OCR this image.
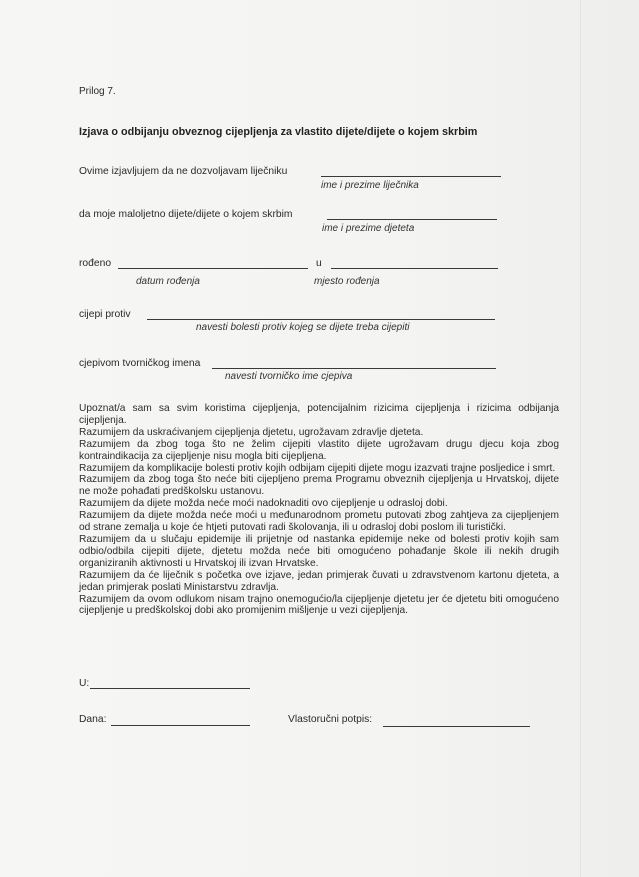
Prilog 7.
Izjava o odbijanju obveznog cijepljenja za vlastito dijete/dijete o kojem skrbim
Ovime izjavljujem da ne dozvoljavam liječniku
ime i prezime liječnika
da moje maloljetno dijete/dijete o kojem skrbim
ime i prezime djeteta
rođeno	u
datum rođenja	mjesto rođenja
cijepi protiv
navesti bolesti protiv kojeg se dijete treba cijepiti
cjepivom tvorničkog imena
navesti tvorničko ime cjepiva

Upoznat/a sam sa svim koristima cijepljenja, potencijalnim rizicima cijepljenja i rizicima odbijanja cijepljenja.

Razumijem da uskraćivanjem cijepljenja djetetu, ugrožavam zdravlje djeteta.

Razumijem da zbog toga što ne želim cijepiti vlastito dijete ugrožavam drugu djecu koja zbog kontraindikacija za cijepljenje nisu mogla biti cijepljena.

Razumijem da komplikacije bolesti protiv kojih odbijam cijepiti dijete mogu izazvati trajne posljedice i smrt.

Razumijem da zbog toga što neće biti cijepljeno prema Programu obveznih cijepljenja u Hrvatskoj, dijete ne može pohađati predškolsku ustanovu.

Razumijem da dijete možda neće moći nadoknaditi ovo cijepljenje u odrasloj dobi.

Razumijem da dijete možda neće moći u međunarodnom prometu putovati zbog zahtjeva za cijepljenjem od strane zemalja u koje će htjeti putovati radi školovanja, ili u odrasloj dobi poslom ili turistički.

Razumijem da u slučaju epidemije ili prijetnje od nastanka epidemije neke od bolesti protiv kojih sam odbio/odbila cijepiti dijete, djetetu možda neće biti omogućeno pohađanje škole ili nekih drugih organiziranih aktivnosti u Hrvatskoj ili izvan Hrvatske.

Razumijem da će liječnik s početka ove izjave, jedan primjerak čuvati u zdravstvenom kartonu djeteta, a jedan primjerak poslati Ministarstvu zdravlja.

Razumijem da ovom odlukom nisam trajno onemogućio/la cijepljenje djetetu jer će djetetu biti omogućeno cijepljenje u predškolskoj dobi ako promijenim mišljenje u vezi cijepljenja.

U:
Dana:	Vlastoručni potpis:
